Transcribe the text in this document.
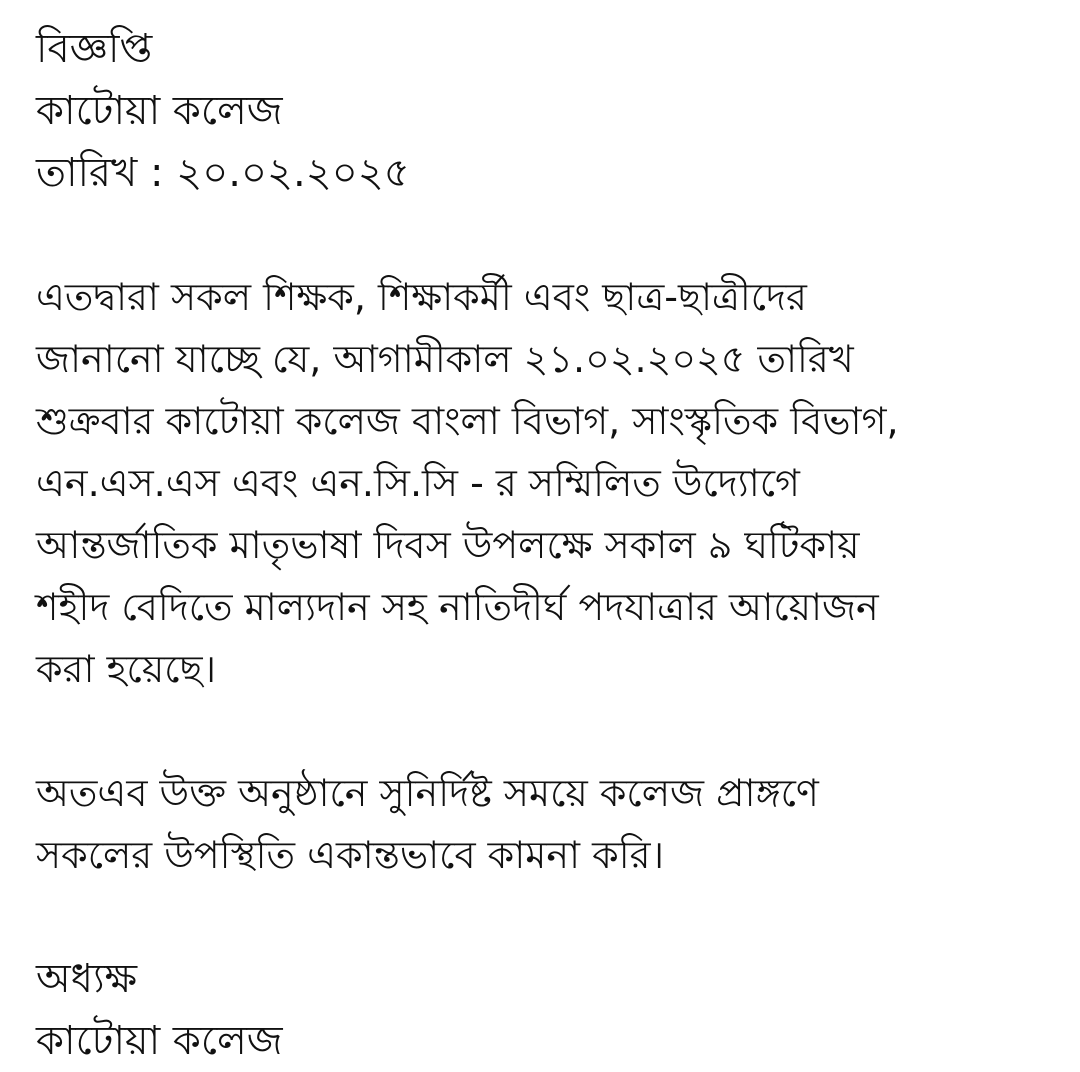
বিজ্ঞপ্তি
কাটোয়া কলেজ
তারিখ : ২০.০২.২০২৫
এতদ্বারা সকল শিক্ষক, শিক্ষাকর্মী এবং ছাত্র-ছাত্রীদের
জানানো যাচ্ছে যে, আগামীকাল ২১.০২.২০২৫ তারিখ
শুক্রবার কাটোয়া কলেজ বাংলা বিভাগ, সাংস্কৃতিক বিভাগ,
এন.এস.এস এবং এন.সি.সি - র সম্মিলিত উদ্যোগে
আন্তর্জাতিক মাতৃভাষা দিবস উপলক্ষে সকাল ৯ ঘটিকায়
শহীদ বেদিতে মাল্যদান সহ নাতিদীর্ঘ পদযাত্রার আয়োজন
করা হয়েছে।
অতএব উক্ত অনুষ্ঠানে সুনির্দিষ্ট সময়ে কলেজ প্রাঙ্গণে
সকলের উপস্থিতি একান্তভাবে কামনা করি।
অধ্যক্ষ
কাটোয়া কলেজ
